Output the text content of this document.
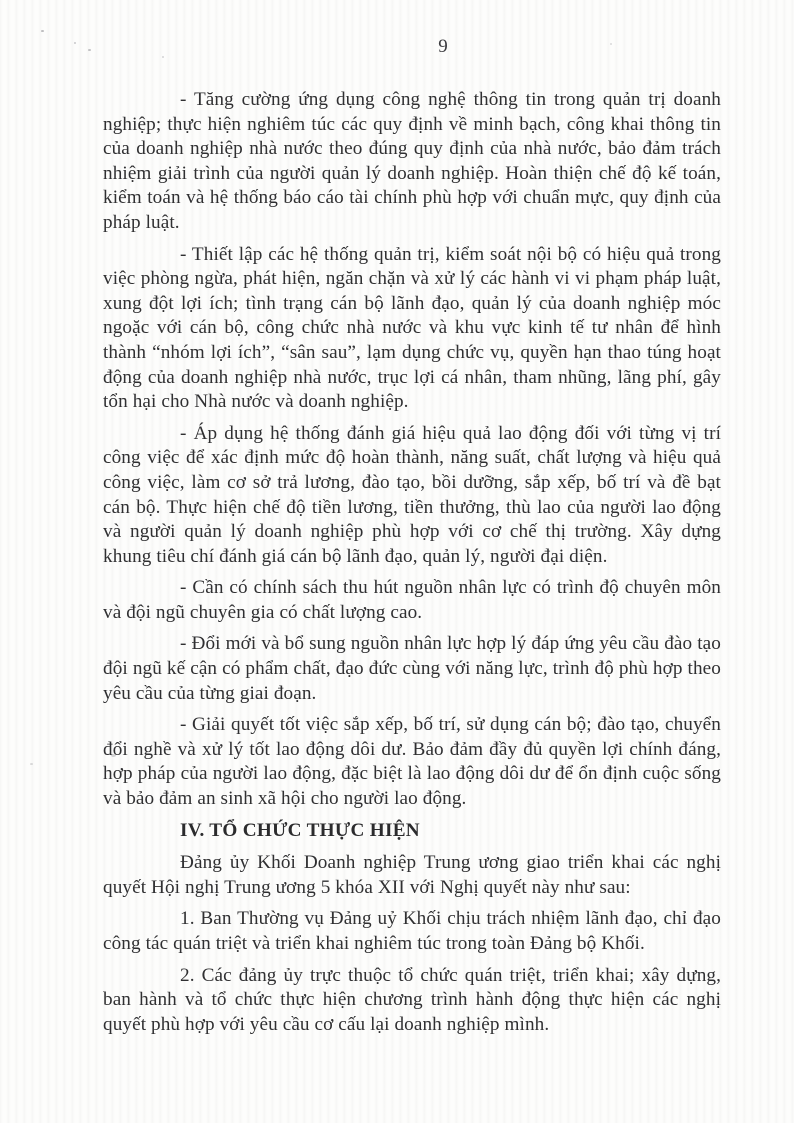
9

- Tăng cường ứng dụng công nghệ thông tin trong quản trị doanh nghiệp; thực hiện nghiêm túc các quy định về minh bạch, công khai thông tin của doanh nghiệp nhà nước theo đúng quy định của nhà nước, bảo đảm trách nhiệm giải trình của người quản lý doanh nghiệp. Hoàn thiện chế độ kế toán, kiểm toán và hệ thống báo cáo tài chính phù hợp với chuẩn mực, quy định của pháp luật.

- Thiết lập các hệ thống quản trị, kiểm soát nội bộ có hiệu quả trong việc phòng ngừa, phát hiện, ngăn chặn và xử lý các hành vi vi phạm pháp luật, xung đột lợi ích; tình trạng cán bộ lãnh đạo, quản lý của doanh nghiệp móc ngoặc với cán bộ, công chức nhà nước và khu vực kinh tế tư nhân để hình thành “nhóm lợi ích”, “sân sau”, lạm dụng chức vụ, quyền hạn thao túng hoạt động của doanh nghiệp nhà nước, trục lợi cá nhân, tham nhũng, lãng phí, gây tổn hại cho Nhà nước và doanh nghiệp.

- Áp dụng hệ thống đánh giá hiệu quả lao động đối với từng vị trí công việc để xác định mức độ hoàn thành, năng suất, chất lượng và hiệu quả công việc, làm cơ sở trả lương, đào tạo, bồi dưỡng, sắp xếp, bố trí và đề bạt cán bộ. Thực hiện chế độ tiền lương, tiền thưởng, thù lao của người lao động và người quản lý doanh nghiệp phù hợp với cơ chế thị trường. Xây dựng khung tiêu chí đánh giá cán bộ lãnh đạo, quản lý, người đại diện.

- Cần có chính sách thu hút nguồn nhân lực có trình độ chuyên môn và đội ngũ chuyên gia có chất lượng cao.

- Đổi mới và bổ sung nguồn nhân lực hợp lý đáp ứng yêu cầu đào tạo đội ngũ kế cận có phẩm chất, đạo đức cùng với năng lực, trình độ phù hợp theo yêu cầu của từng giai đoạn.

- Giải quyết tốt việc sắp xếp, bố trí, sử dụng cán bộ; đào tạo, chuyển đổi nghề và xử lý tốt lao động dôi dư. Bảo đảm đầy đủ quyền lợi chính đáng, hợp pháp của người lao động, đặc biệt là lao động dôi dư để ổn định cuộc sống và bảo đảm an sinh xã hội cho người lao động.

IV. TỔ CHỨC THỰC HIỆN

Đảng ủy Khối Doanh nghiệp Trung ương giao triển khai các nghị quyết Hội nghị Trung ương 5 khóa XII với Nghị quyết này như sau:

1. Ban Thường vụ Đảng uỷ Khối chịu trách nhiệm lãnh đạo, chỉ đạo công tác quán triệt và triển khai nghiêm túc trong toàn Đảng bộ Khối.

2. Các đảng ủy trực thuộc tổ chức quán triệt, triển khai; xây dựng, ban hành và tổ chức thực hiện chương trình hành động thực hiện các nghị quyết phù hợp với yêu cầu cơ cấu lại doanh nghiệp mình.
